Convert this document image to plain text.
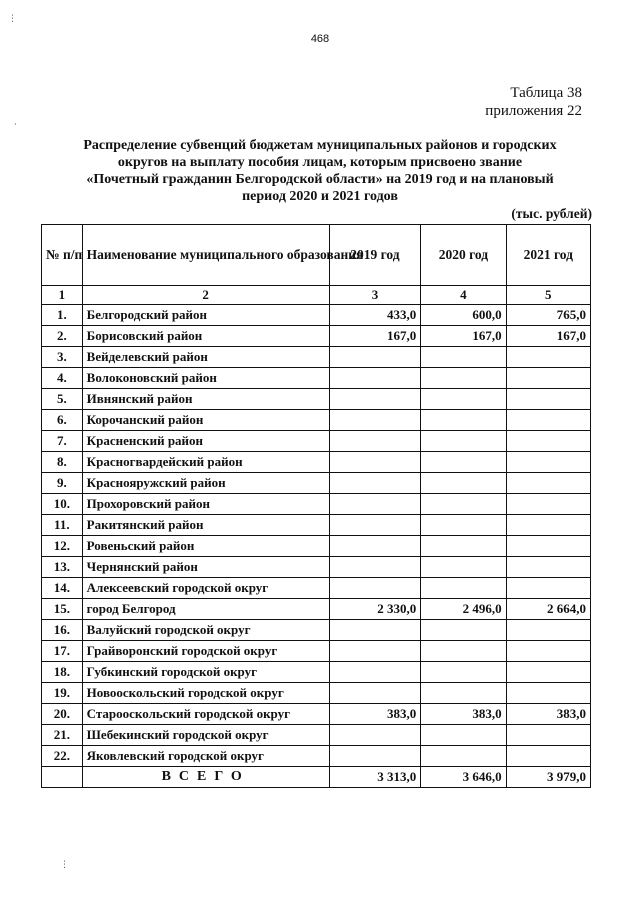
468
Таблица 38
приложения 22
Распределение субвенций бюджетам муниципальных районов и городских округов на выплату пособия лицам, которым присвоено звание «Почетный гражданин Белгородской области» на 2019 год и на плановый период 2020 и 2021 годов
(тыс. рублей)
№ п/п	Наименование муниципального образования	2019 год	2020 год	2021 год
1	2	3	4	5
1.	Белгородский район	433,0	600,0	765,0
2.	Борисовский район	167,0	167,0	167,0
3.	Вейделевский район			
4.	Волоконовский район			
5.	Ивнянский район			
6.	Корочанский район			
7.	Красненский район			
8.	Красногвардейский район			
9.	Краснояружский район			
10.	Прохоровский район			
11.	Ракитянский район			
12.	Ровеньский район			
13.	Чернянский район			
14.	Алексеевский городской округ			
15.	город Белгород	2 330,0	2 496,0	2 664,0
16.	Валуйский городской округ			
17.	Грайворонский городской округ			
18.	Губкинский городской округ			
19.	Новооскольский городской округ			
20.	Старооскольский городской округ	383,0	383,0	383,0
21.	Шебекинский городской округ			
22.	Яковлевский городской округ			
	ВСЕГО	3 313,0	3 646,0	3 979,0
⋮
·
⋮
